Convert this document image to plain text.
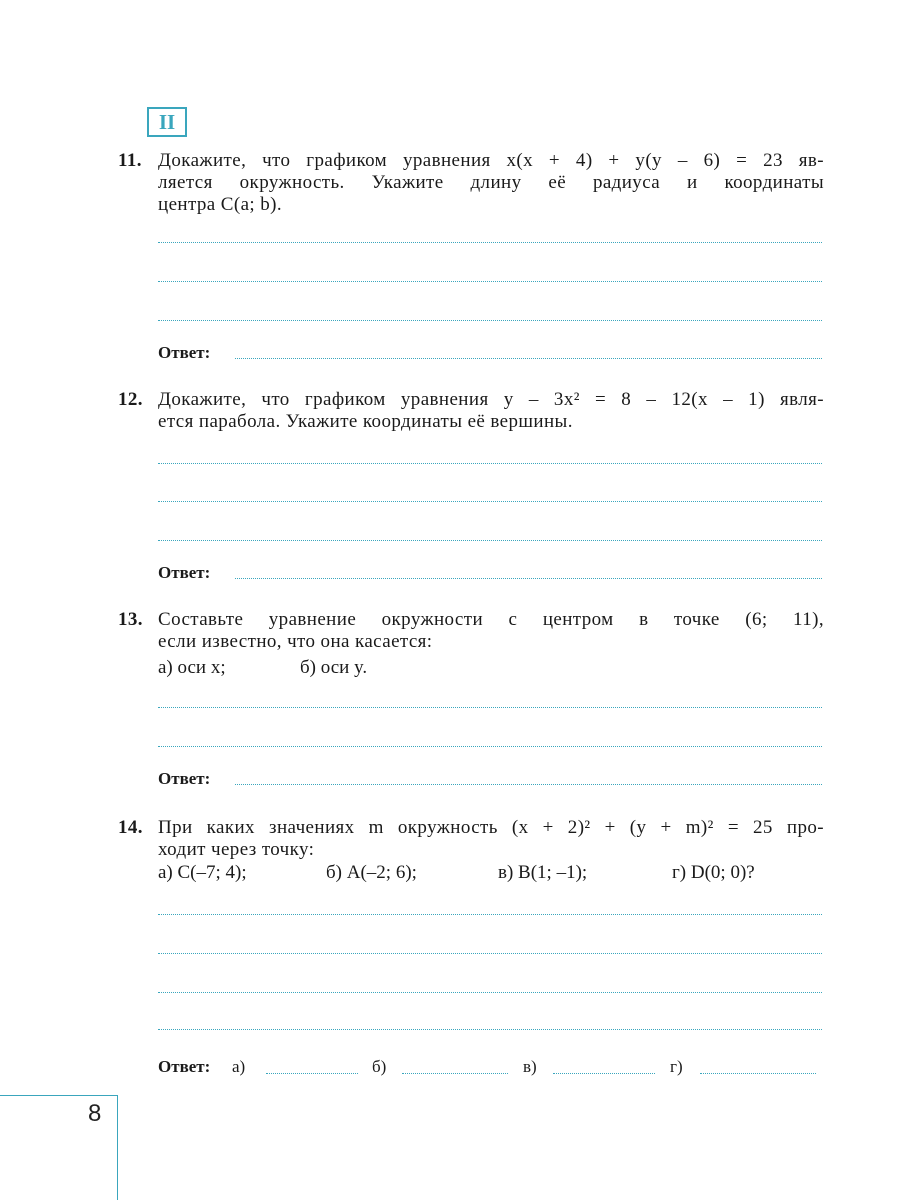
II
11. Докажите, что графиком уравнения x(x + 4) + y(y – 6) = 23 яв-
ляется окружность. Укажите длину её радиуса и координаты
центра C(a; b).
Ответ:
12. Докажите, что графиком уравнения y – 3x² = 8 – 12(x – 1) явля-
ется парабола. Укажите координаты её вершины.
Ответ:
13. Составьте уравнение окружности с центром в точке (6; 11),
если известно, что она касается:
а) оси x;	б) оси y.
Ответ:
14. При каких значениях m окружность (x + 2)² + (y + m)² = 25 про-
ходит через точку:
а) C(–7; 4);	б) A(–2; 6);	в) B(1; –1);	г) D(0; 0)?
Ответ: а)	б)	в)	г)
8
